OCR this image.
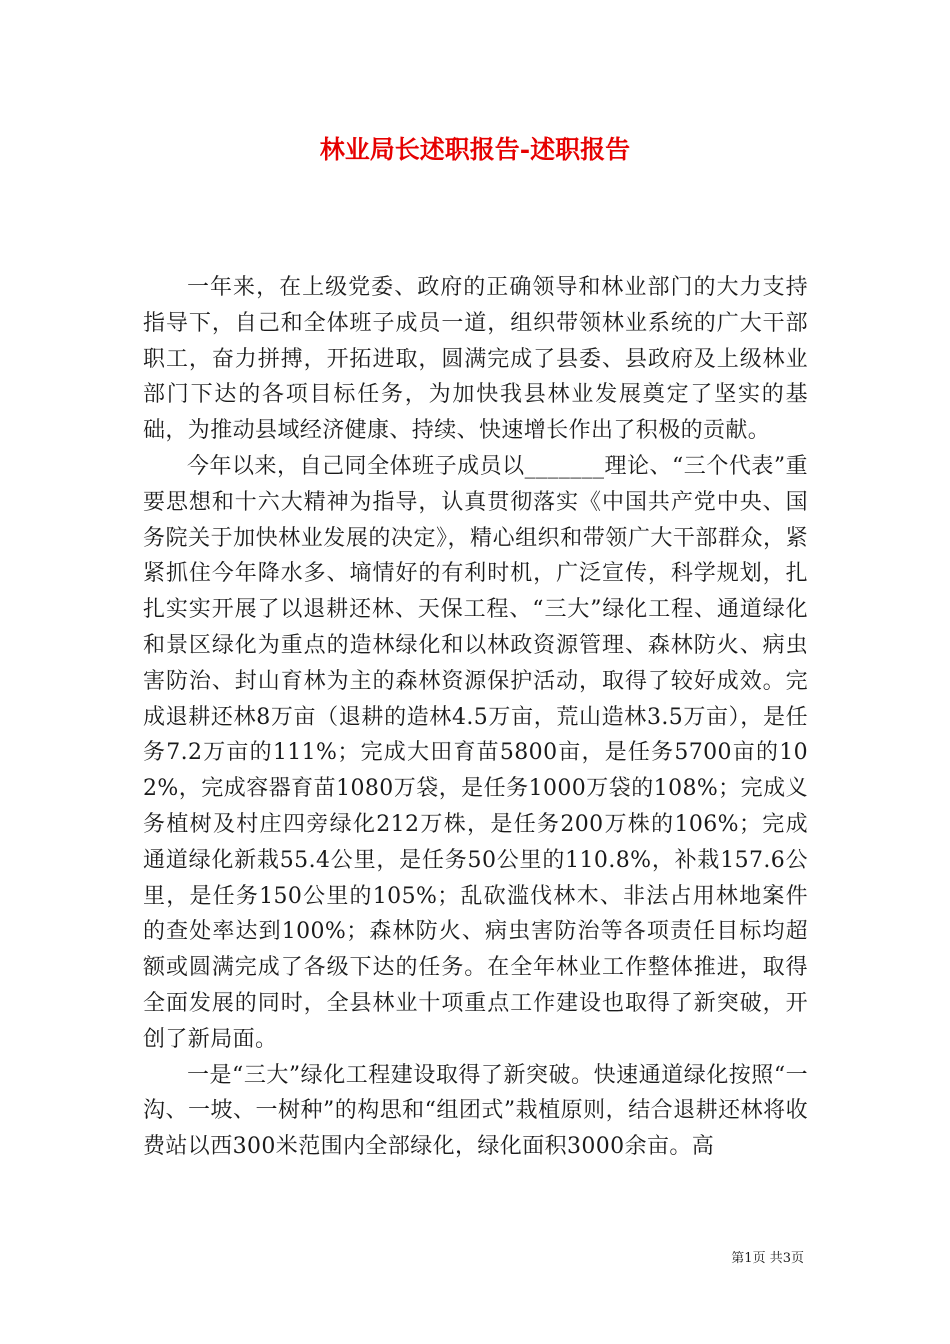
林业局长述职报告-述职报告

一年来，在上级党委、政府的正确领导和林业部门的大力支持指导下，自己和全体班子成员一道，组织带领林业系统的广大干部职工，奋力拼搏，开拓进取，圆满完成了县委、县政府及上级林业部门下达的各项目标任务，为加快我县林业发展奠定了坚实的基础，为推动县域经济健康、持续、快速增长作出了积极的贡献。

今年以来，自己同全体班子成员以_______理论、“三个代表”重要思想和十六大精神为指导，认真贯彻落实《中国共产党中央、国务院关于加快林业发展的决定》，精心组织和带领广大干部群众，紧紧抓住今年降水多、墒情好的有利时机，广泛宣传，科学规划，扎扎实实开展了以退耕还林、天保工程、“三大”绿化工程、通道绿化和景区绿化为重点的造林绿化和以林政资源管理、森林防火、病虫害防治、封山育林为主的森林资源保护活动，取得了较好成效。完成退耕还林8万亩（退耕的造林4.5万亩，荒山造林3.5万亩），是任务7.2万亩的111%；完成大田育苗5800亩，是任务5700亩的102%，完成容器育苗1080万袋，是任务1000万袋的108%；完成义务植树及村庄四旁绿化212万株，是任务200万株的106%；完成通道绿化新栽55.4公里，是任务50公里的110.8%，补栽157.6公里，是任务150公里的105%；乱砍滥伐林木、非法占用林地案件的查处率达到100%；森林防火、病虫害防治等各项责任目标均超额或圆满完成了各级下达的任务。在全年林业工作整体推进，取得全面发展的同时，全县林业十项重点工作建设也取得了新突破，开创了新局面。

一是“三大”绿化工程建设取得了新突破。快速通道绿化按照“一沟、一坡、一树种”的构思和“组团式”栽植原则，结合退耕还林将收费站以西300米范围内全部绿化，绿化面积3000余亩。高

第1页 共3页
